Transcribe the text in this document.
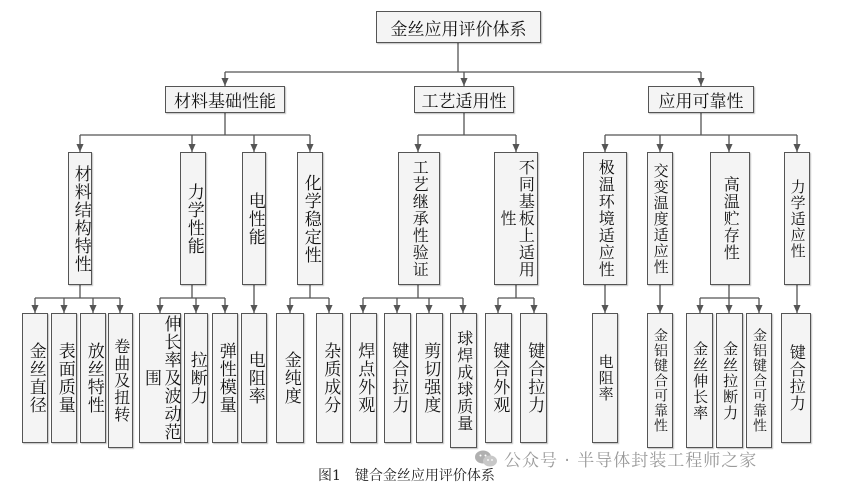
金丝应用评价体系
材料基础性能	工艺适用性	应用可靠性
材料结构特性	力学性能 电性能 化学稳定性	工艺继承性验证	不同基板上适用性	极温环境适应性	交变温度适应性	高温贮存性	力学适应性
金丝直径 表面质量 放丝特性 卷曲及扭转	伸长率及波动范围	拉断力 弹性模量 电阻率 金纯度 杂质成分 焊点外观 键合拉力 剪切强度 球焊成球质量 键合外观 键合拉力	电阻率	金铝键合可靠性	金丝伸长率 金丝拉断力 金铝键合可靠性	键合拉力
公众号 · 半导体封装工程师之家
图1 键合金丝应用评价体系
